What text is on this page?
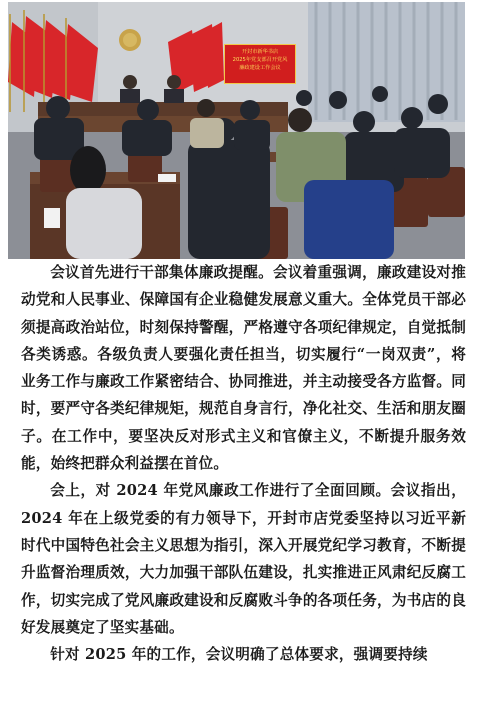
开封市新华书店
2025年党支部召开党风
廉政建设工作会议

会议首先进行干部集体廉政提醒。会议着重强调，廉政建设对推动党和人民事业、保障国有企业稳健发展意义重大。全体党员干部必须提高政治站位，时刻保持警醒，严格遵守各项纪律规定，自觉抵制各类诱惑。各级负责人要强化责任担当，切实履行“一岗双责”，将业务工作与廉政工作紧密结合、协同推进，并主动接受各方监督。同时，要严守各类纪律规矩，规范自身言行，净化社交、生活和朋友圈子。在工作中，要坚决反对形式主义和官僚主义，不断提升服务效能，始终把群众利益摆在首位。

会上，对 2024 年党风廉政工作进行了全面回顾。会议指出，2024 年在上级党委的有力领导下，开封市店党委坚持以习近平新时代中国特色社会主义思想为指引，深入开展党纪学习教育，不断提升监督治理质效，大力加强干部队伍建设，扎实推进正风肃纪反腐工作，切实完成了党风廉政建设和反腐败斗争的各项任务，为书店的良好发展奠定了坚实基础。

针对 2025 年的工作，会议明确了总体要求，强调要持续
